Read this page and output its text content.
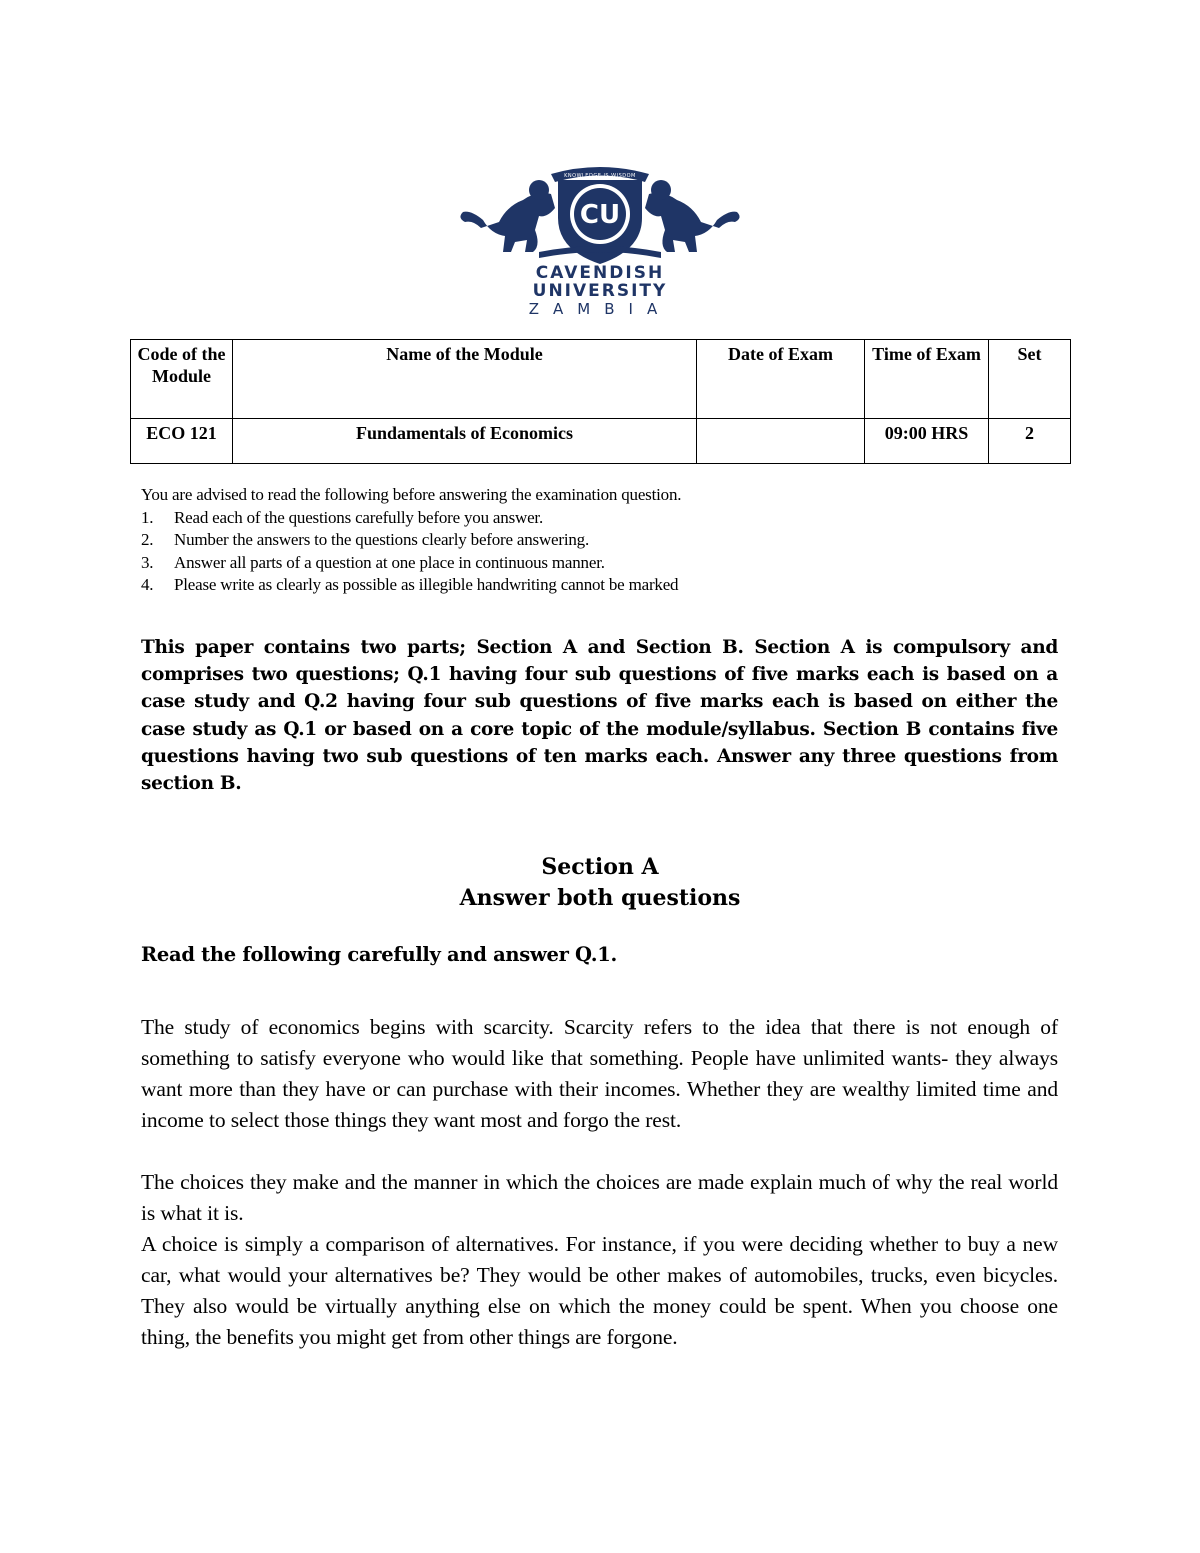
CAVENDISH
UNIVERSITY
ZAMBIA
KNOWLEDGE IS WISDOM
CU
Code of the Module	Name of the Module	Date of Exam	Time of Exam	Set
ECO 121	Fundamentals of Economics		09:00 HRS	2
You are advised to read the following before answering the examination question.
1. Read each of the questions carefully before you answer.
2. Number the answers to the questions clearly before answering.
3. Answer all parts of a question at one place in continuous manner.
4. Please write as clearly as possible as illegible handwriting cannot be marked

This paper contains two parts; Section A and Section B. Section A is compulsory and comprises two questions; Q.1 having four sub questions of five marks each is based on a case study and Q.2 having four sub questions of five marks each is based on either the case study as Q.1 or based on a core topic of the module/syllabus. Section B contains five questions having two sub questions of ten marks each. Answer any three questions from section B.

Section A
Answer both questions
Read the following carefully and answer Q.1.

The study of economics begins with scarcity. Scarcity refers to the idea that there is not enough of something to satisfy everyone who would like that something. People have unlimited wants- they always want more than they have or can purchase with their incomes. Whether they are wealthy limited time and income to select those things they want most and forgo the rest.

The choices they make and the manner in which the choices are made explain much of why the real world is what it is.
A choice is simply a comparison of alternatives. For instance, if you were deciding whether to buy a new car, what would your alternatives be? They would be other makes of automobiles, trucks, even bicycles. They also would be virtually anything else on which the money could be spent. When you choose one thing, the benefits you might get from other things are forgone.
